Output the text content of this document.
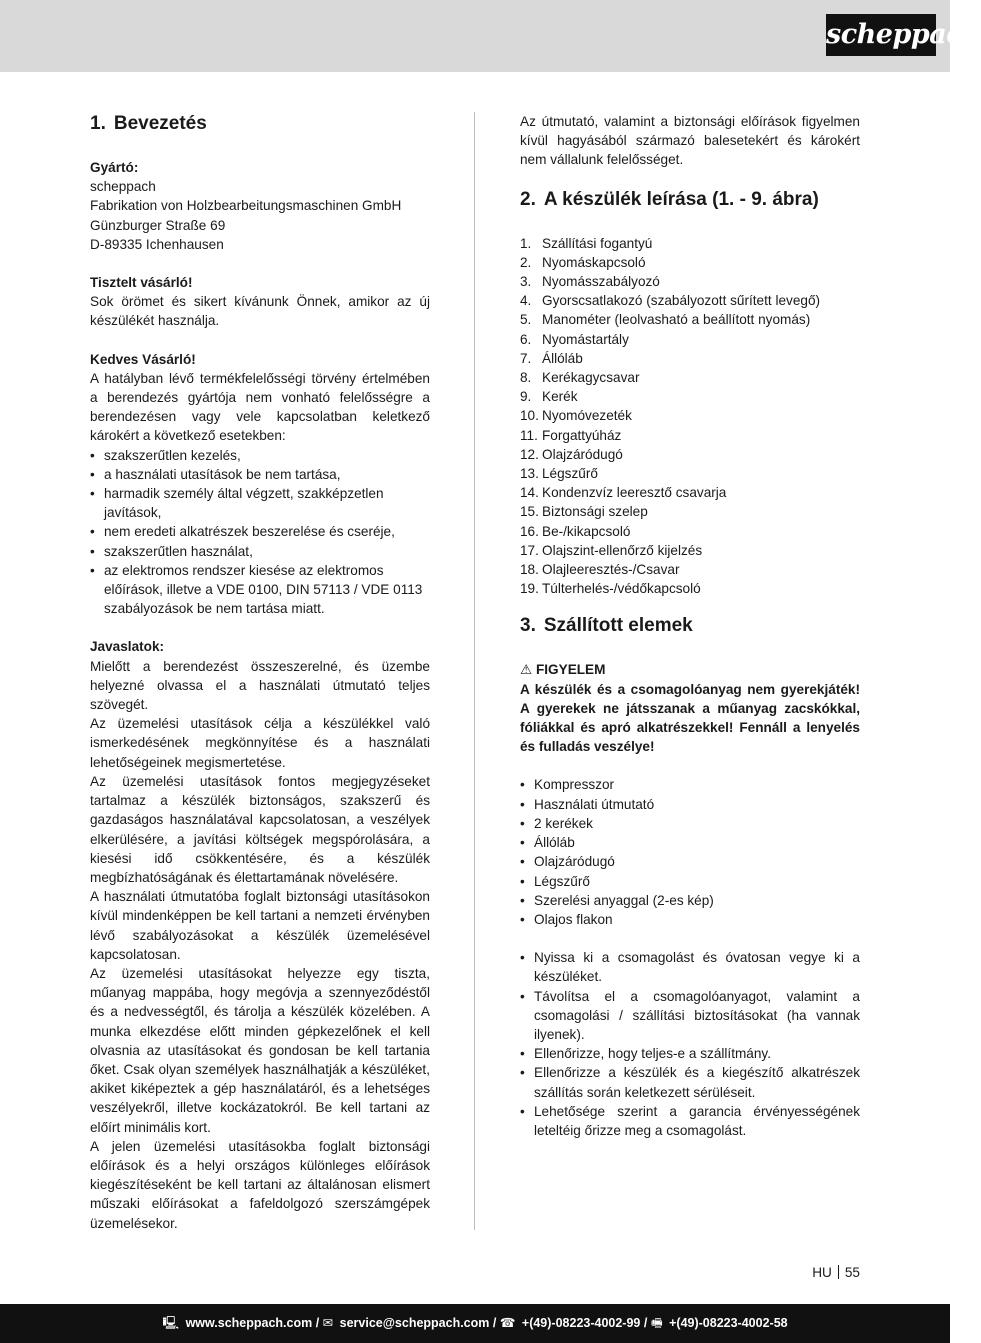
scheppach
1. Bevezetés

Gyártó:

scheppach

Fabrikation von Holzbearbeitungsmaschinen GmbH

Günzburger Straße 69

D-89335 Ichenhausen

Tisztelt vásárló!

Sok örömet és sikert kívánunk Önnek, amikor az új készülékét használja.

Kedves Vásárló!

A hatályban lévő termékfelelősségi törvény értelmében a berendezés gyártója nem vonható felelősségre a berendezésen vagy vele kapcsolatban keletkező károkért a következő esetekben:

• szakszerűtlen kezelés,
• a használati utasítások be nem tartása,
• harmadik személy által végzett, szakképzetlen javítások,
• nem eredeti alkatrészek beszerelése és cseréje,
• szakszerűtlen használat,
• az elektromos rendszer kiesése az elektromos előírások, illetve a VDE 0100, DIN 57113 / VDE 0113 szabályozások be nem tartása miatt.

Javaslatok:

Mielőtt a berendezést összeszerelné, és üzembe helyezné olvassa el a használati útmutató teljes szövegét.

Az üzemelési utasítások célja a készülékkel való ismerkedésének megkönnyítése és a használati lehetőségeinek megismertetése.

Az üzemelési utasítások fontos megjegyzéseket tartalmaz a készülék biztonságos, szakszerű és gazdaságos használatával kapcsolatosan, a veszélyek elkerülésére, a javítási költségek megspórolására, a kiesési idő csökkentésére, és a készülék megbízhatóságának és élettartamának növelésére.

A használati útmutatóba foglalt biztonsági utasításokon kívül mindenképpen be kell tartani a nemzeti érvényben lévő szabályozásokat a készülék üzemelésével kapcsolatosan.

Az üzemelési utasításokat helyezze egy tiszta, műanyag mappába, hogy megóvja a szennyeződéstől és a nedvességtől, és tárolja a készülék közelében. A munka elkezdése előtt minden gépkezelőnek el kell olvasnia az utasításokat és gondosan be kell tartania őket. Csak olyan személyek használhatják a készüléket, akiket kiképeztek a gép használatáról, és a lehetséges veszélyekről, illetve kockázatokról. Be kell tartani az előírt minimális kort.

A jelen üzemelési utasításokba foglalt biztonsági előírások és a helyi országos különleges előírások kiegészítéseként be kell tartani az általánosan elismert műszaki előírásokat a fafeldolgozó szerszámgépek üzemelésekor.

Az útmutató, valamint a biztonsági előírások figyelmen kívül hagyásából származó balesetekért és károkért nem vállalunk felelősséget.

2. A készülék leírása (1. - 9. ábra)
1. Szállítási fogantyú
2. Nyomáskapcsoló
3. Nyomásszabályozó
4. Gyorscsatlakozó (szabályozott sűrített levegő)
5. Manométer (leolvasható a beállított nyomás)
6. Nyomástartály
7. Állóláb
8. Kerékagycsavar
9. Kerék
10. Nyomóvezeték
11. Forgattyúház
12. Olajzáródugó
13. Légszűrő
14. Kondenzvíz leeresztő csavarja
15. Biztonsági szelep
16. Be-/kikapcsoló
17. Olajszint-ellenőrző kijelzés
18. Olajleeresztés-/Csavar
19. Túlterhelés-/védőkapcsoló
3. Szállított elemek

⚠ FIGYELEM

A készülék és a csomagolóanyag nem gyerekjáték! A gyerekek ne játsszanak a műanyag zacskókkal, fóliákkal és apró alkatrészekkel! Fennáll a lenyelés és fulladás veszélye!

• Kompresszor
• Használati útmutató
• 2 kerékek
• Állóláb
• Olajzáródugó
• Légszűrő
• Szerelési anyaggal (2-es kép)
• Olajos flakon
• Nyissa ki a csomagolást és óvatosan vegye ki a készüléket.
• Távolítsa el a csomagolóanyagot, valamint a csomagolási / szállítási biztosításokat (ha vannak ilyenek).
• Ellenőrizze, hogy teljes-e a szállítmány.
• Ellenőrizze a készülék és a kiegészítő alkatrészek szállítás során keletkezett sérüléseit.
• Lehetősége szerint a garancia érvényességének leteltéig őrizze meg a csomagolást.
HU 55
🖳 www.scheppach.com / ✉ service@scheppach.com / ☎ +(49)-08223-4002-99 / 🖷 +(49)-08223-4002-58
